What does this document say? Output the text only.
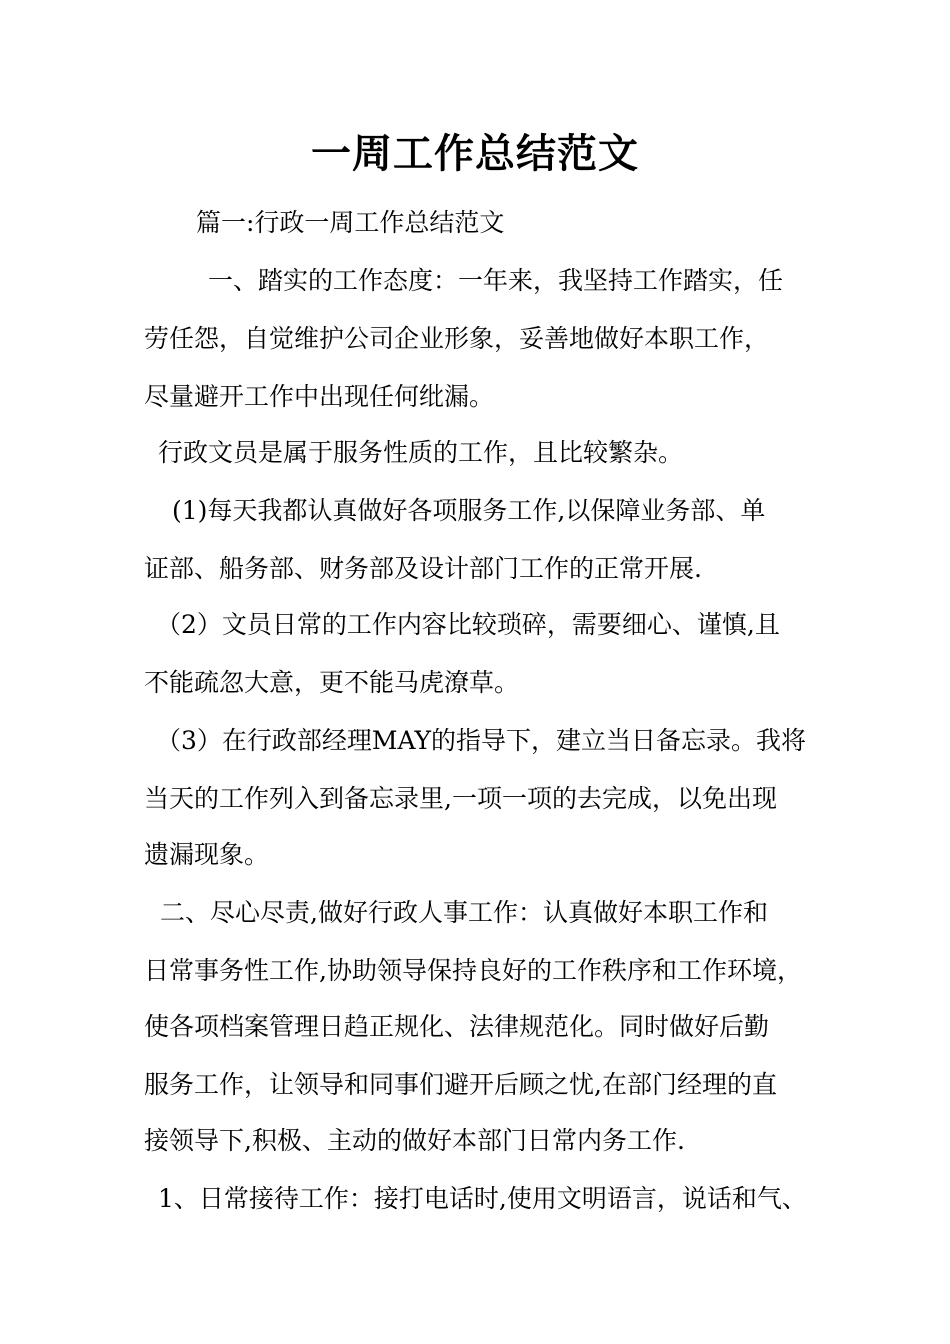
一周工作总结范文
篇一:行政一周工作总结范文
一、踏实的工作态度：一年来，我坚持工作踏实，任
劳任怨，自觉维护公司企业形象，妥善地做好本职工作，
尽量避开工作中出现任何纰漏。
行政文员是属于服务性质的工作，且比较繁杂。
(1)每天我都认真做好各项服务工作,以保障业务部、单
证部、船务部、财务部及设计部门工作的正常开展.
（2）文员日常的工作内容比较琐碎，需要细心、谨慎,且
不能疏忽大意，更不能马虎潦草。
（3）在行政部经理MAY的指导下，建立当日备忘录。我将
当天的工作列入到备忘录里,一项一项的去完成，以免出现
遗漏现象。
二、尽心尽责,做好行政人事工作：认真做好本职工作和
日常事务性工作,协助领导保持良好的工作秩序和工作环境，
使各项档案管理日趋正规化、法律规范化。同时做好后勤
服务工作，让领导和同事们避开后顾之忧,在部门经理的直
接领导下,积极、主动的做好本部门日常内务工作.
1、日常接待工作：接打电话时,使用文明语言，说话和气、
